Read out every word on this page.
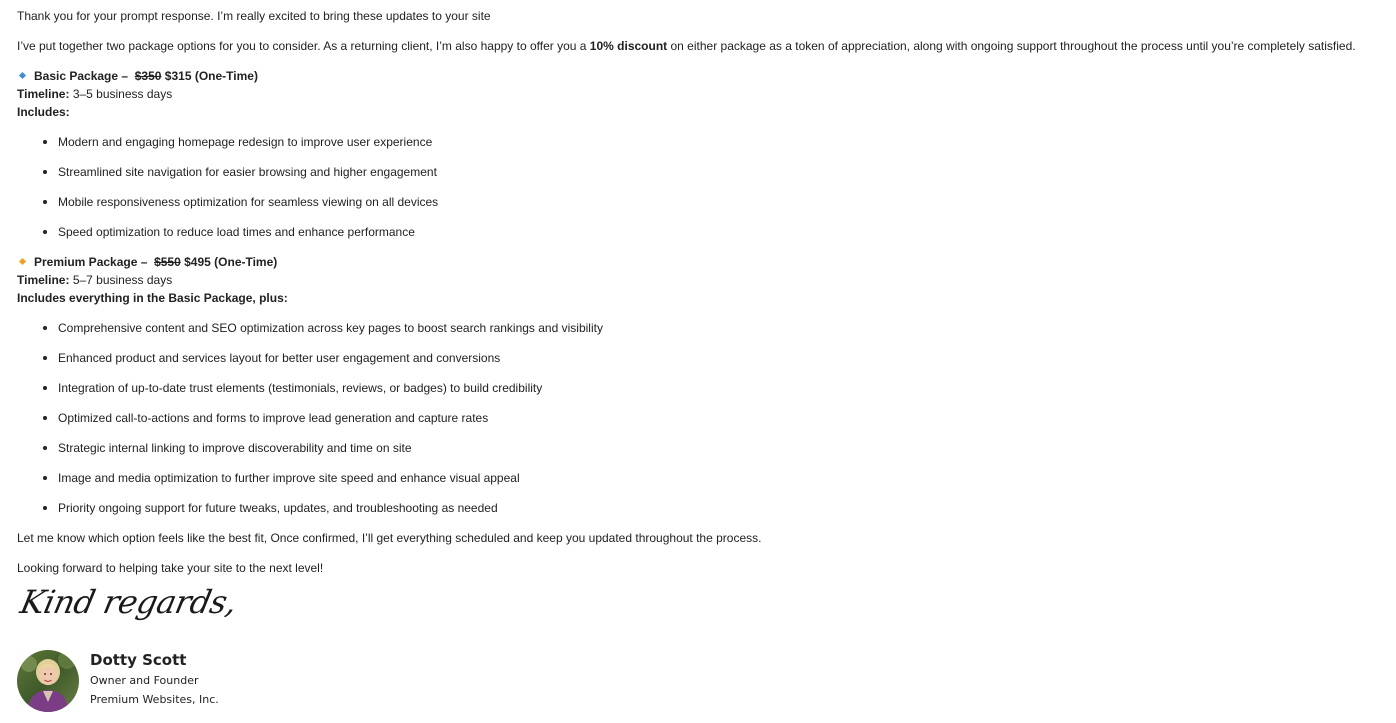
Thank you for your prompt response. I’m really excited to bring these updates to your site
I’ve put together two package options for you to consider. As a returning client, I’m also happy to offer you a 10% discount on either package as a token of appreciation, along with ongoing support throughout the process until you’re completely satisfied.
Basic Package – $350 $315 (One-Time)
Timeline: 3–5 business days
Includes:
Modern and engaging homepage redesign to improve user experience
Streamlined site navigation for easier browsing and higher engagement
Mobile responsiveness optimization for seamless viewing on all devices
Speed optimization to reduce load times and enhance performance
Premium Package – $550 $495 (One-Time)
Timeline: 5–7 business days
Includes everything in the Basic Package, plus:
Comprehensive content and SEO optimization across key pages to boost search rankings and visibility
Enhanced product and services layout for better user engagement and conversions
Integration of up-to-date trust elements (testimonials, reviews, or badges) to build credibility
Optimized call-to-actions and forms to improve lead generation and capture rates
Strategic internal linking to improve discoverability and time on site
Image and media optimization to further improve site speed and enhance visual appeal
Priority ongoing support for future tweaks, updates, and troubleshooting as needed
Let me know which option feels like the best fit, Once confirmed, I’ll get everything scheduled and keep you updated throughout the process.
Looking forward to helping take your site to the next level!
Kind regards,
Dotty Scott
Owner and Founder
Premium Websites, Inc.
